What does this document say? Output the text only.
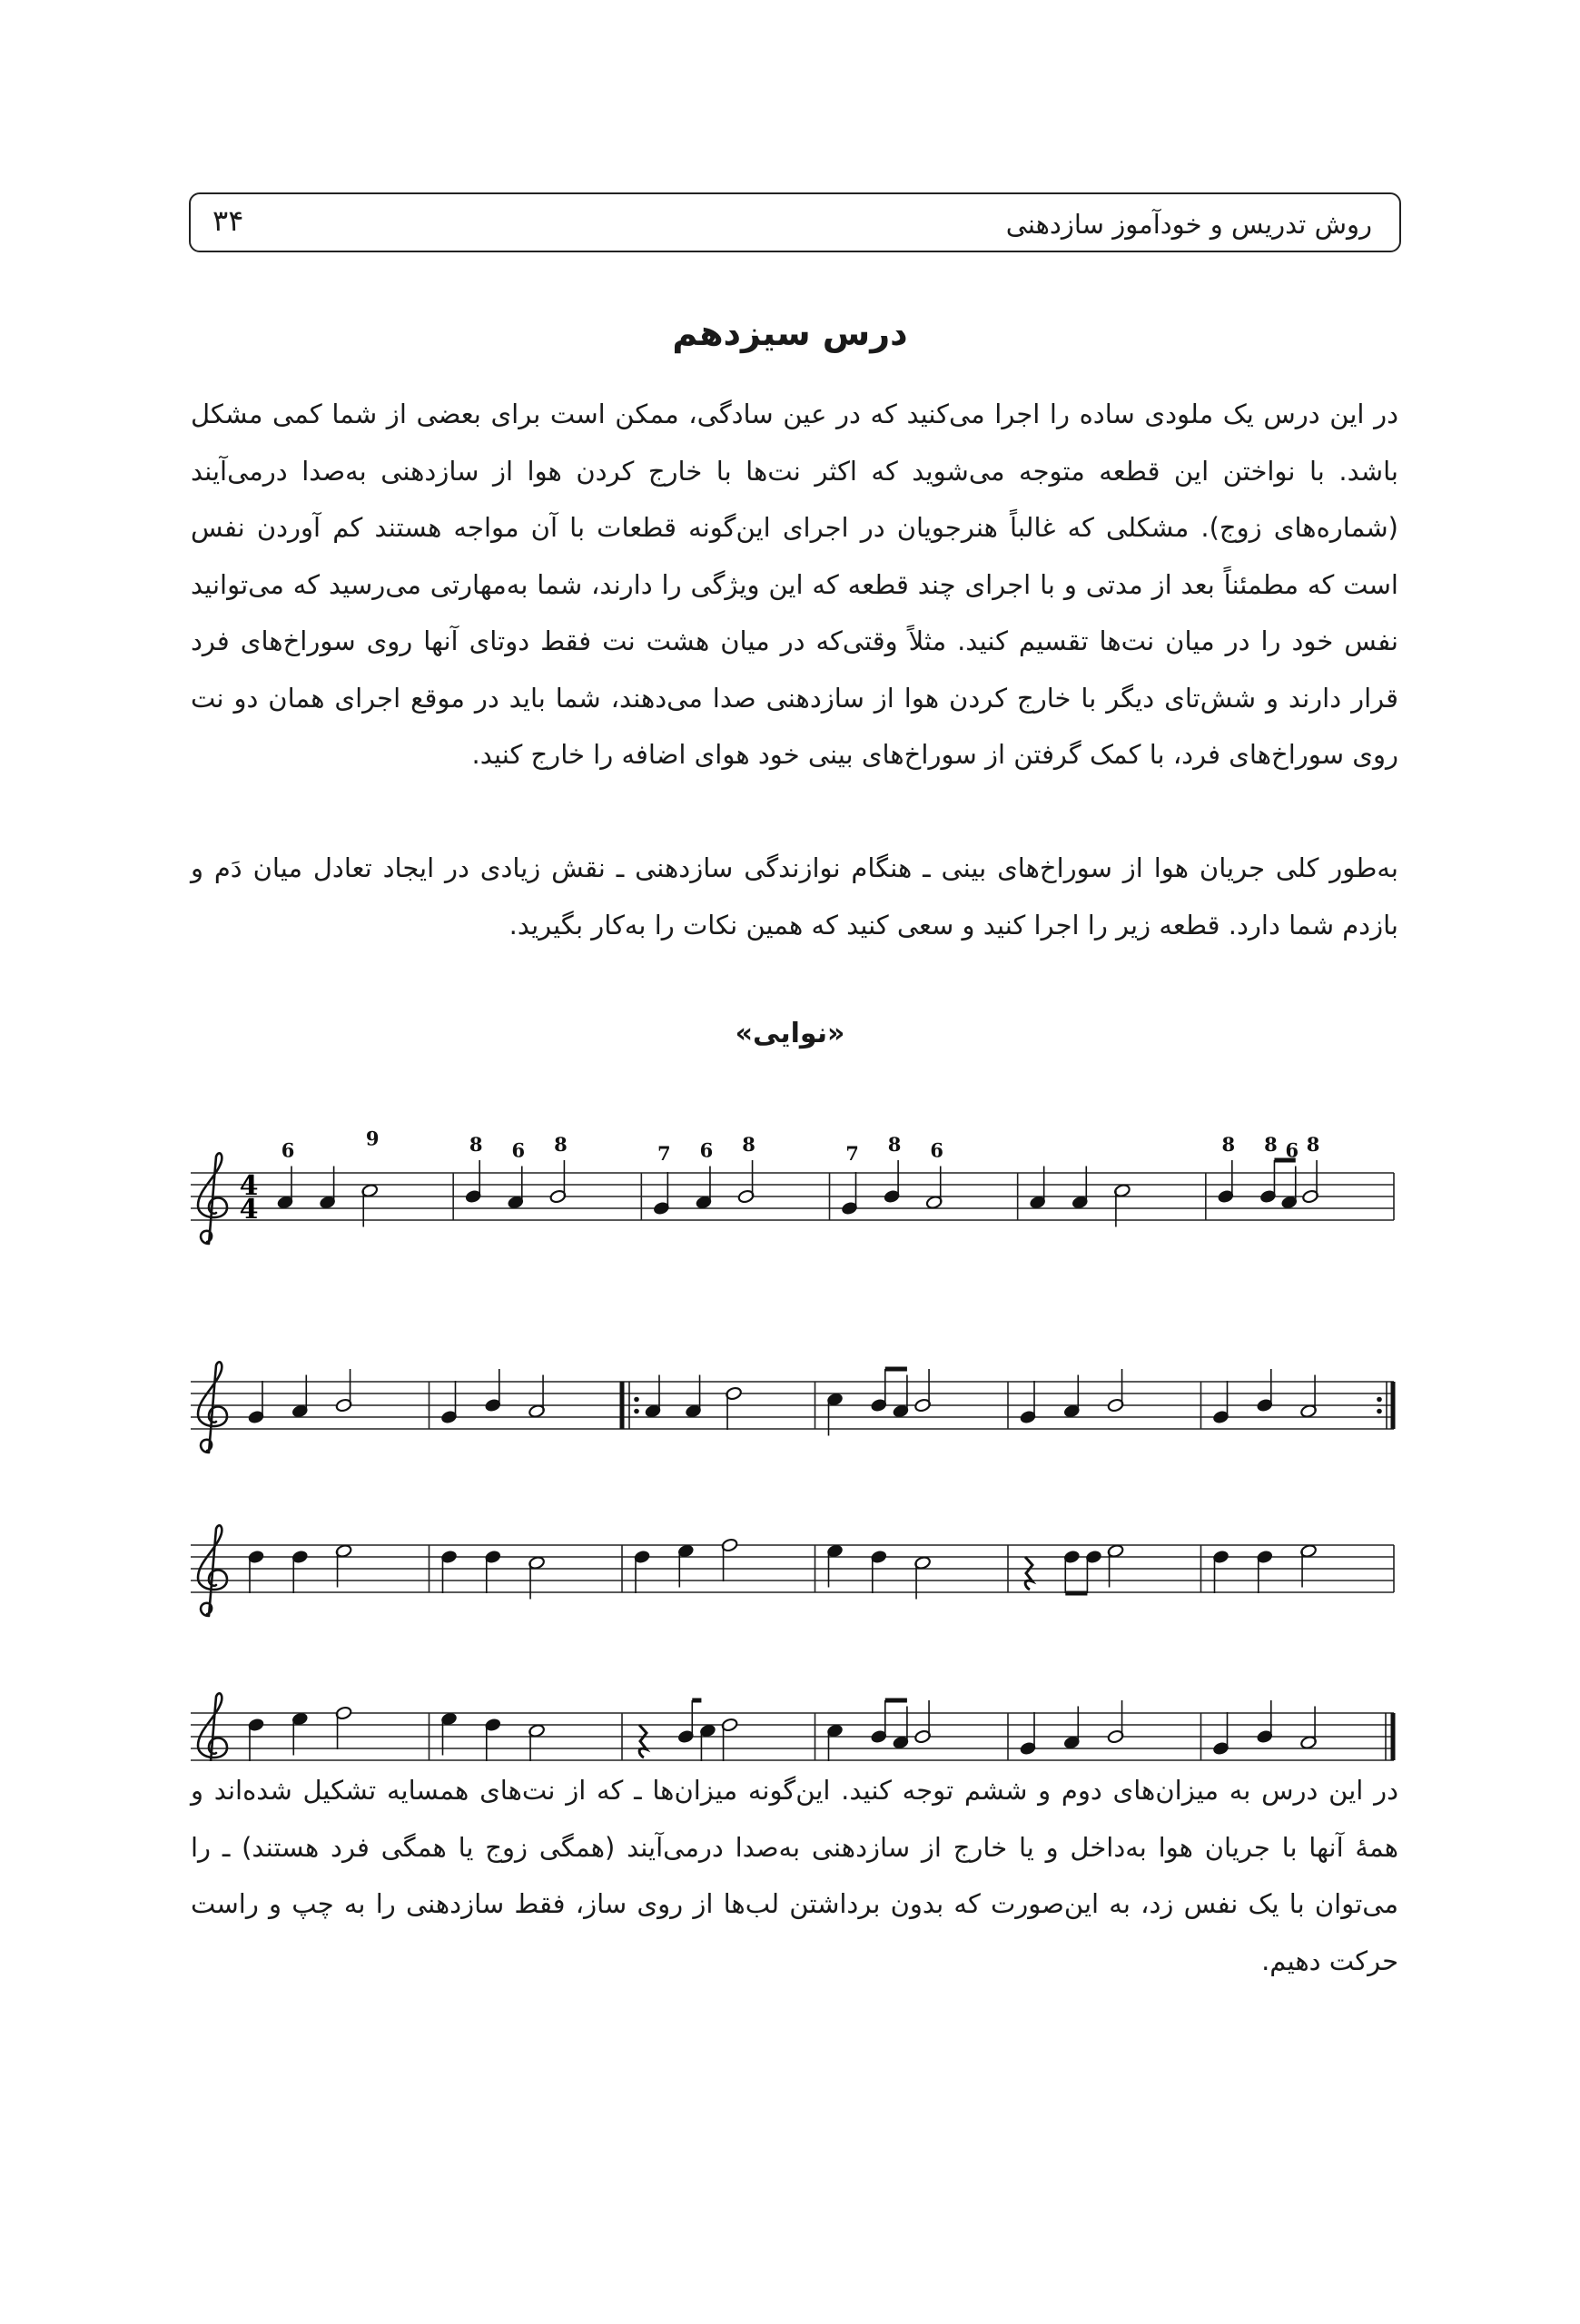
روش تدریس و خودآموز سازدهنی
۳۴
درس سیزدهم

در این درس یک ملودی ساده را اجرا می‌کنید که در عین سادگی، ممکن است برای بعضی از شما کمی مشکل باشد. با نواختن این قطعه متوجه می‌شوید که اکثر نت‌ها با خارج کردن هوا از سازدهنی به‌صدا درمی‌آیند (شماره‌های زوج). مشکلی که غالباً هنرجویان در اجرای این‌گونه قطعات با آن مواجه هستند کم آوردن نفس است که مطمئناً بعد از مدتی و با اجرای چند قطعه که این ویژگی را دارند، شما به‌مهارتی می‌رسید که می‌توانید نفس خود را در میان نت‌ها تقسیم کنید. مثلاً وقتی‌که در میان هشت نت فقط دوتای آنها روی سوراخ‌های فرد قرار دارند و شش‌تای دیگر با خارج کردن هوا از سازدهنی صدا می‌دهند، شما باید در موقع اجرای همان دو نت روی سوراخ‌های فرد، با کمک گرفتن از سوراخ‌های بینی خود هوای اضافه را خارج کنید.

به‌طور کلی جریان هوا از سوراخ‌های بینی ـ هنگام نوازندگی سازدهنی ـ نقش زیادی در ایجاد تعادل میان دَم و بازدم شما دارد. قطعه زیر را اجرا کنید و سعی کنید که همین نکات را به‌کار بگیرید.

«نوایی»
4
4
6
9	8 6 8	7 6 8	7 8 6	8 8 6 8

در این درس به میزان‌های دوم و ششم توجه کنید. این‌گونه میزان‌ها ـ که از نت‌های همسایه تشکیل شده‌اند و همهٔ آنها با جریان هوا به‌داخل و یا خارج از سازدهنی به‌صدا درمی‌آیند (همگی زوج یا همگی فرد هستند) ـ را می‌توان با یک نفس زد، به این‌صورت که بدون برداشتن لب‌ها از روی ساز، فقط سازدهنی را به چپ و راست حرکت دهیم.
